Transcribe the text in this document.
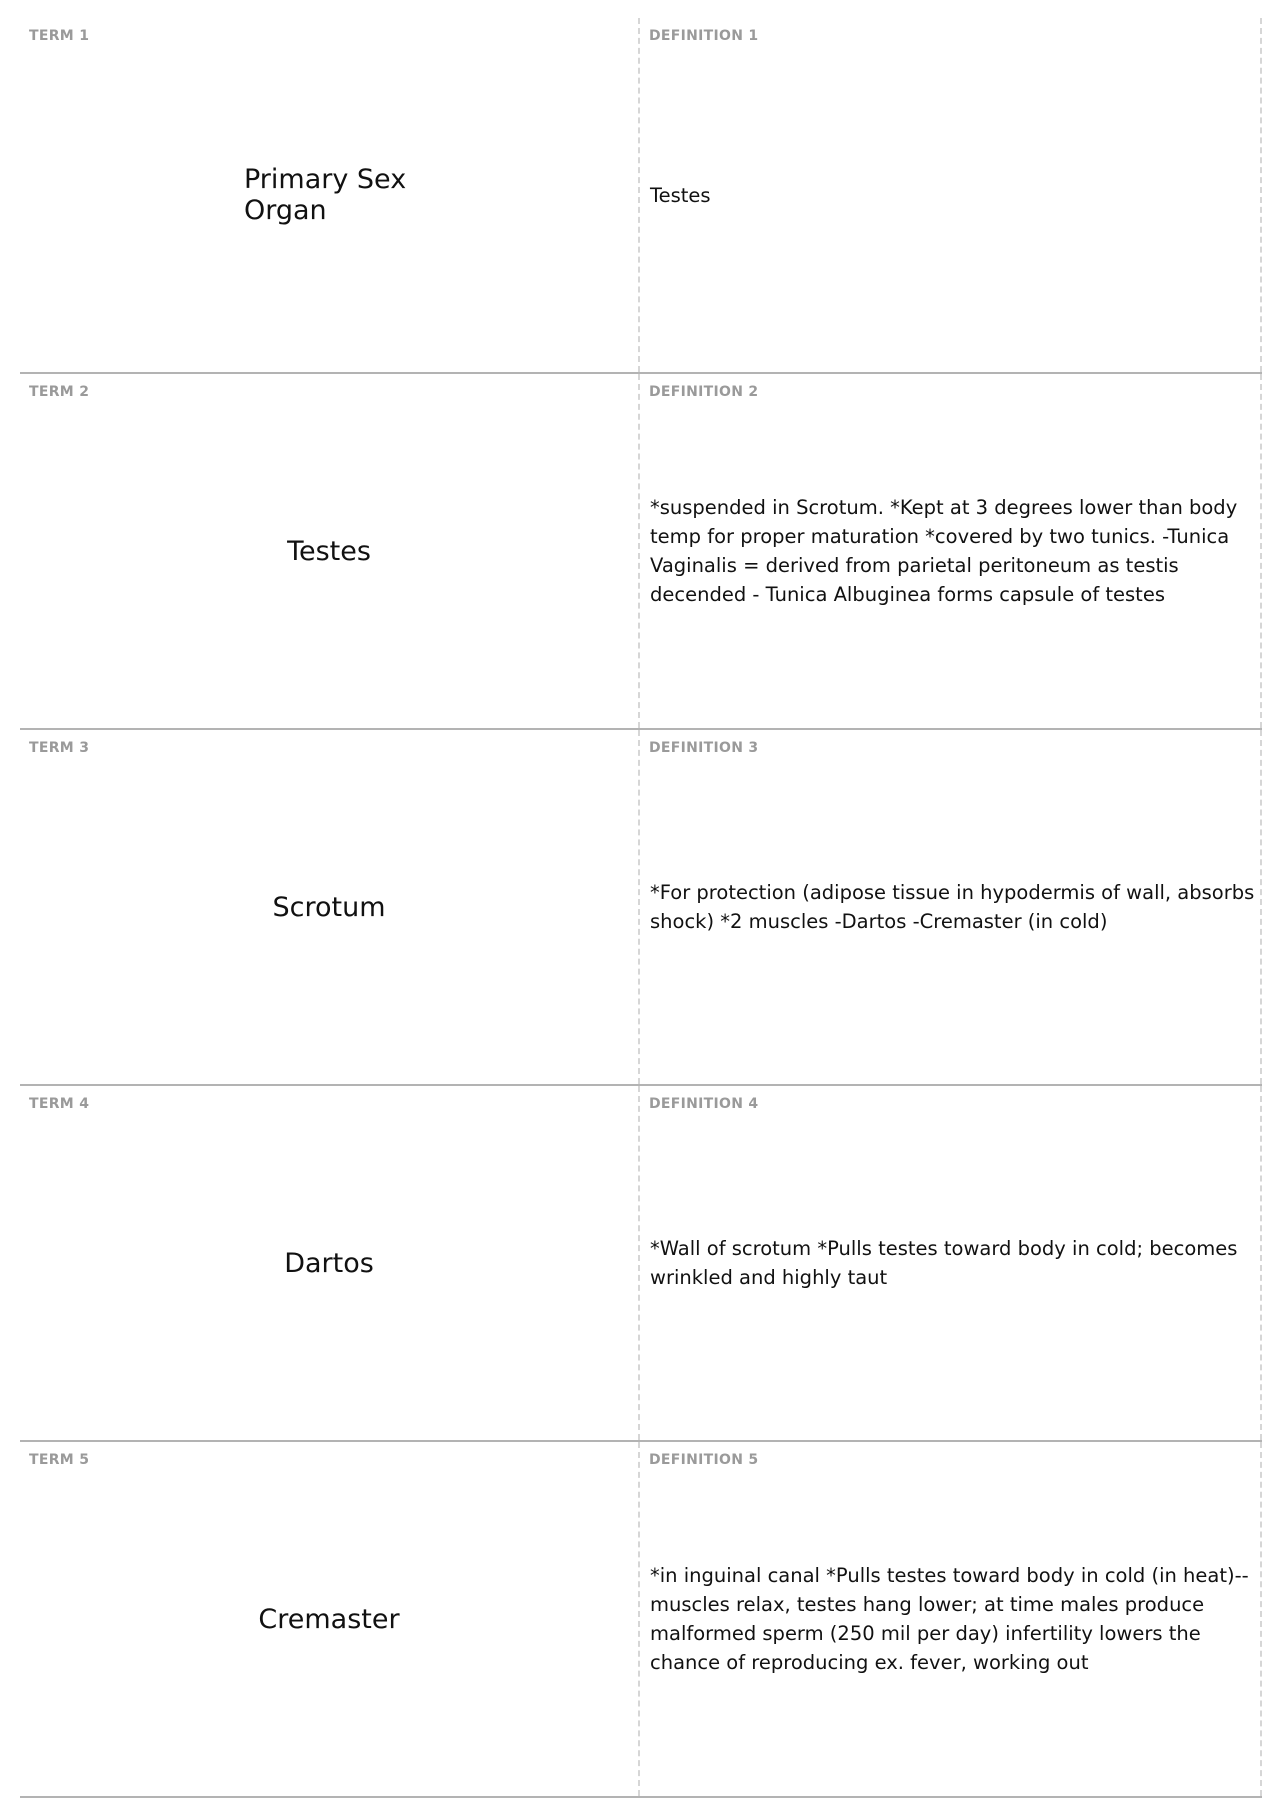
TERM 1
Primary Sex Organ
DEFINITION 1
Testes
TERM 2
Testes
DEFINITION 2
*suspended in Scrotum. *Kept at 3 degrees lower than body temp for proper maturation *covered by two tunics. -Tunica Vaginalis = derived from parietal peritoneum as testis decended - Tunica Albuginea forms capsule of testes
TERM 3
Scrotum
DEFINITION 3
*For protection (adipose tissue in hypodermis of wall, absorbs shock) *2 muscles -Dartos -Cremaster (in cold)
TERM 4
Dartos
DEFINITION 4
*Wall of scrotum *Pulls testes toward body in cold; becomes wrinkled and highly taut
TERM 5
Cremaster
DEFINITION 5
*in inguinal canal *Pulls testes toward body in cold (in heat)--muscles relax, testes hang lower; at time males produce malformed sperm (250 mil per day) infertility lowers the chance of reproducing ex. fever, working out
